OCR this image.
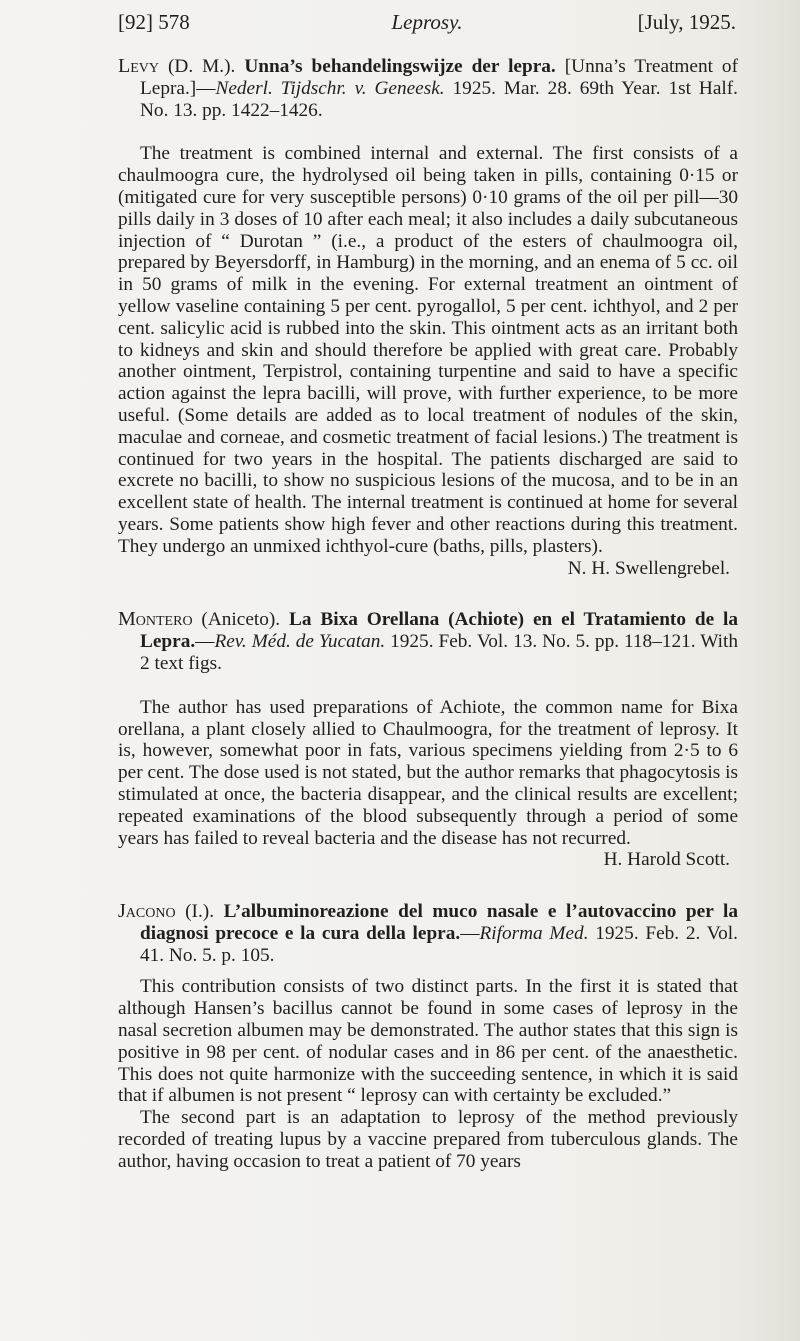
[92] 578	Leprosy.	[July, 1925.

Levy (D. M.). Unna’s behandelingswijze der lepra. [Unna’s Treatment of Lepra.]—Nederl. Tijdschr. v. Geneesk. 1925. Mar. 28. 69th Year. 1st Half. No. 13. pp. 1422–1426.

The treatment is combined internal and external. The first consists of a chaulmoogra cure, the hydrolysed oil being taken in pills, containing 0·15 or (mitigated cure for very susceptible persons) 0·10 grams of the oil per pill—30 pills daily in 3 doses of 10 after each meal; it also includes a daily subcutaneous injection of “ Durotan ” (i.e., a product of the esters of chaulmoogra oil, prepared by Beyersdorff, in Hamburg) in the morning, and an enema of 5 cc. oil in 50 grams of milk in the evening. For external treatment an ointment of yellow vaseline containing 5 per cent. pyrogallol, 5 per cent. ichthyol, and 2 per cent. salicylic acid is rubbed into the skin. This ointment acts as an irritant both to kidneys and skin and should therefore be applied with great care. Probably another ointment, Terpistrol, containing turpentine and said to have a specific action against the lepra bacilli, will prove, with further experience, to be more useful. (Some details are added as to local treatment of nodules of the skin, maculae and corneae, and cosmetic treatment of facial lesions.) The treatment is continued for two years in the hospital. The patients discharged are said to excrete no bacilli, to show no suspicious lesions of the mucosa, and to be in an excellent state of health. The internal treatment is continued at home for several years. Some patients show high fever and other reactions during this treatment. They undergo an unmixed ichthyol-cure (baths, pills, plasters).

N. H. Swellengrebel.

Montero (Aniceto). La Bixa Orellana (Achiote) en el Tratamiento de la Lepra.—Rev. Méd. de Yucatan. 1925. Feb. Vol. 13. No. 5. pp. 118–121. With 2 text figs.

The author has used preparations of Achiote, the common name for Bixa orellana, a plant closely allied to Chaulmoogra, for the treatment of leprosy. It is, however, somewhat poor in fats, various specimens yielding from 2·5 to 6 per cent. The dose used is not stated, but the author remarks that phagocytosis is stimulated at once, the bacteria disappear, and the clinical results are excellent; repeated examinations of the blood subsequently through a period of some years has failed to reveal bacteria and the disease has not recurred.

H. Harold Scott.

Jacono (I.). L’albuminoreazione del muco nasale e l’autovaccino per la diagnosi precoce e la cura della lepra.—Riforma Med. 1925. Feb. 2. Vol. 41. No. 5. p. 105.

This contribution consists of two distinct parts. In the first it is stated that although Hansen’s bacillus cannot be found in some cases of leprosy in the nasal secretion albumen may be demonstrated. The author states that this sign is positive in 98 per cent. of nodular cases and in 86 per cent. of the anaesthetic. This does not quite harmonize with the succeeding sentence, in which it is said that if albumen is not present “ leprosy can with certainty be excluded.”

The second part is an adaptation to leprosy of the method previously recorded of treating lupus by a vaccine prepared from tuberculous glands. The author, having occasion to treat a patient of 70 years
